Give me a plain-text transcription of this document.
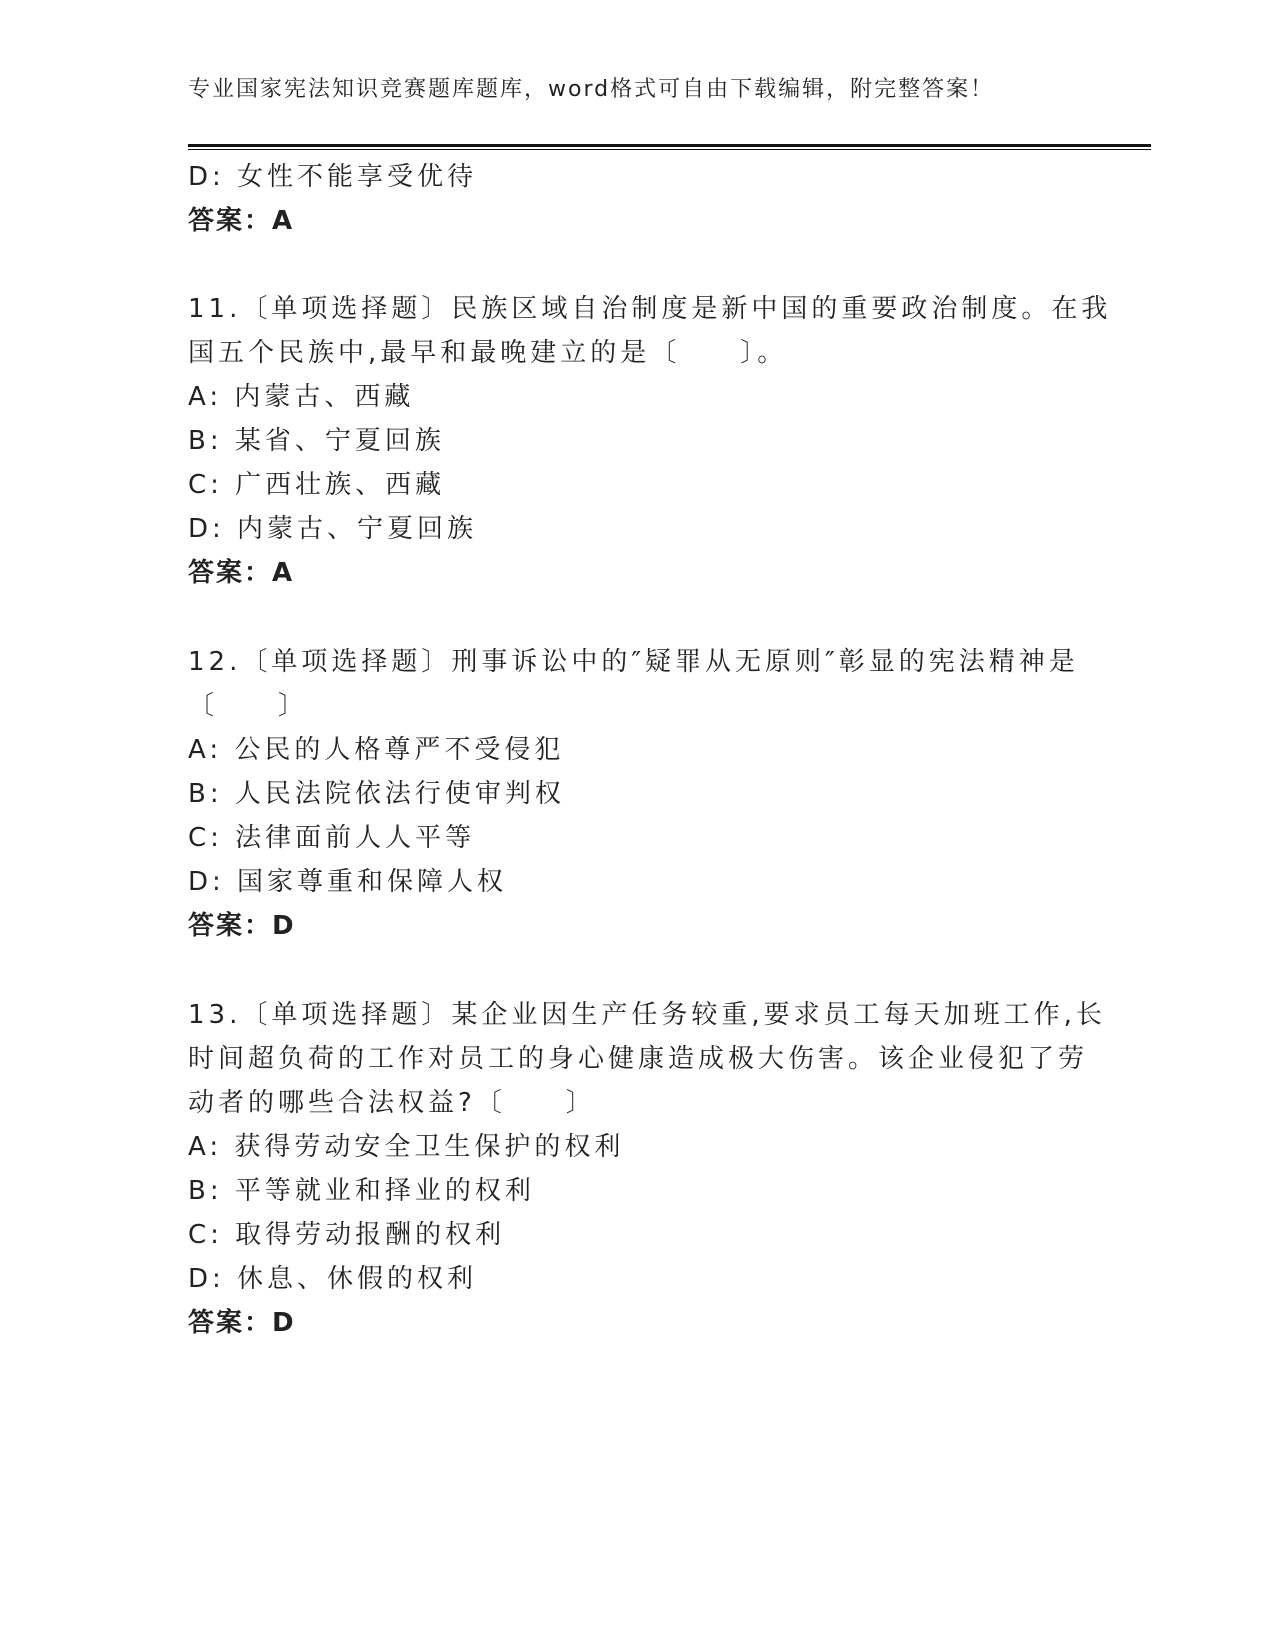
专业国家宪法知识竞赛题库题库，word格式可自由下载编辑，附完整答案！
D: 女性不能享受优待
答案：A
11.〔单项选择题〕民族区域自治制度是新中国的重要政治制度。在我
国五个民族中,最早和最晚建立的是〔　　〕。
A: 内蒙古、西藏
B: 某省、宁夏回族
C: 广西壮族、西藏
D: 内蒙古、宁夏回族
答案：A
12.〔单项选择题〕刑事诉讼中的″疑罪从无原则″彰显的宪法精神是
〔　　〕
A: 公民的人格尊严不受侵犯
B: 人民法院依法行使审判权
C: 法律面前人人平等
D: 国家尊重和保障人权
答案：D
13.〔单项选择题〕某企业因生产任务较重,要求员工每天加班工作,长
时间超负荷的工作对员工的身心健康造成极大伤害。该企业侵犯了劳
动者的哪些合法权益?〔　　〕
A: 获得劳动安全卫生保护的权利
B: 平等就业和择业的权利
C: 取得劳动报酬的权利
D: 休息、休假的权利
答案：D
